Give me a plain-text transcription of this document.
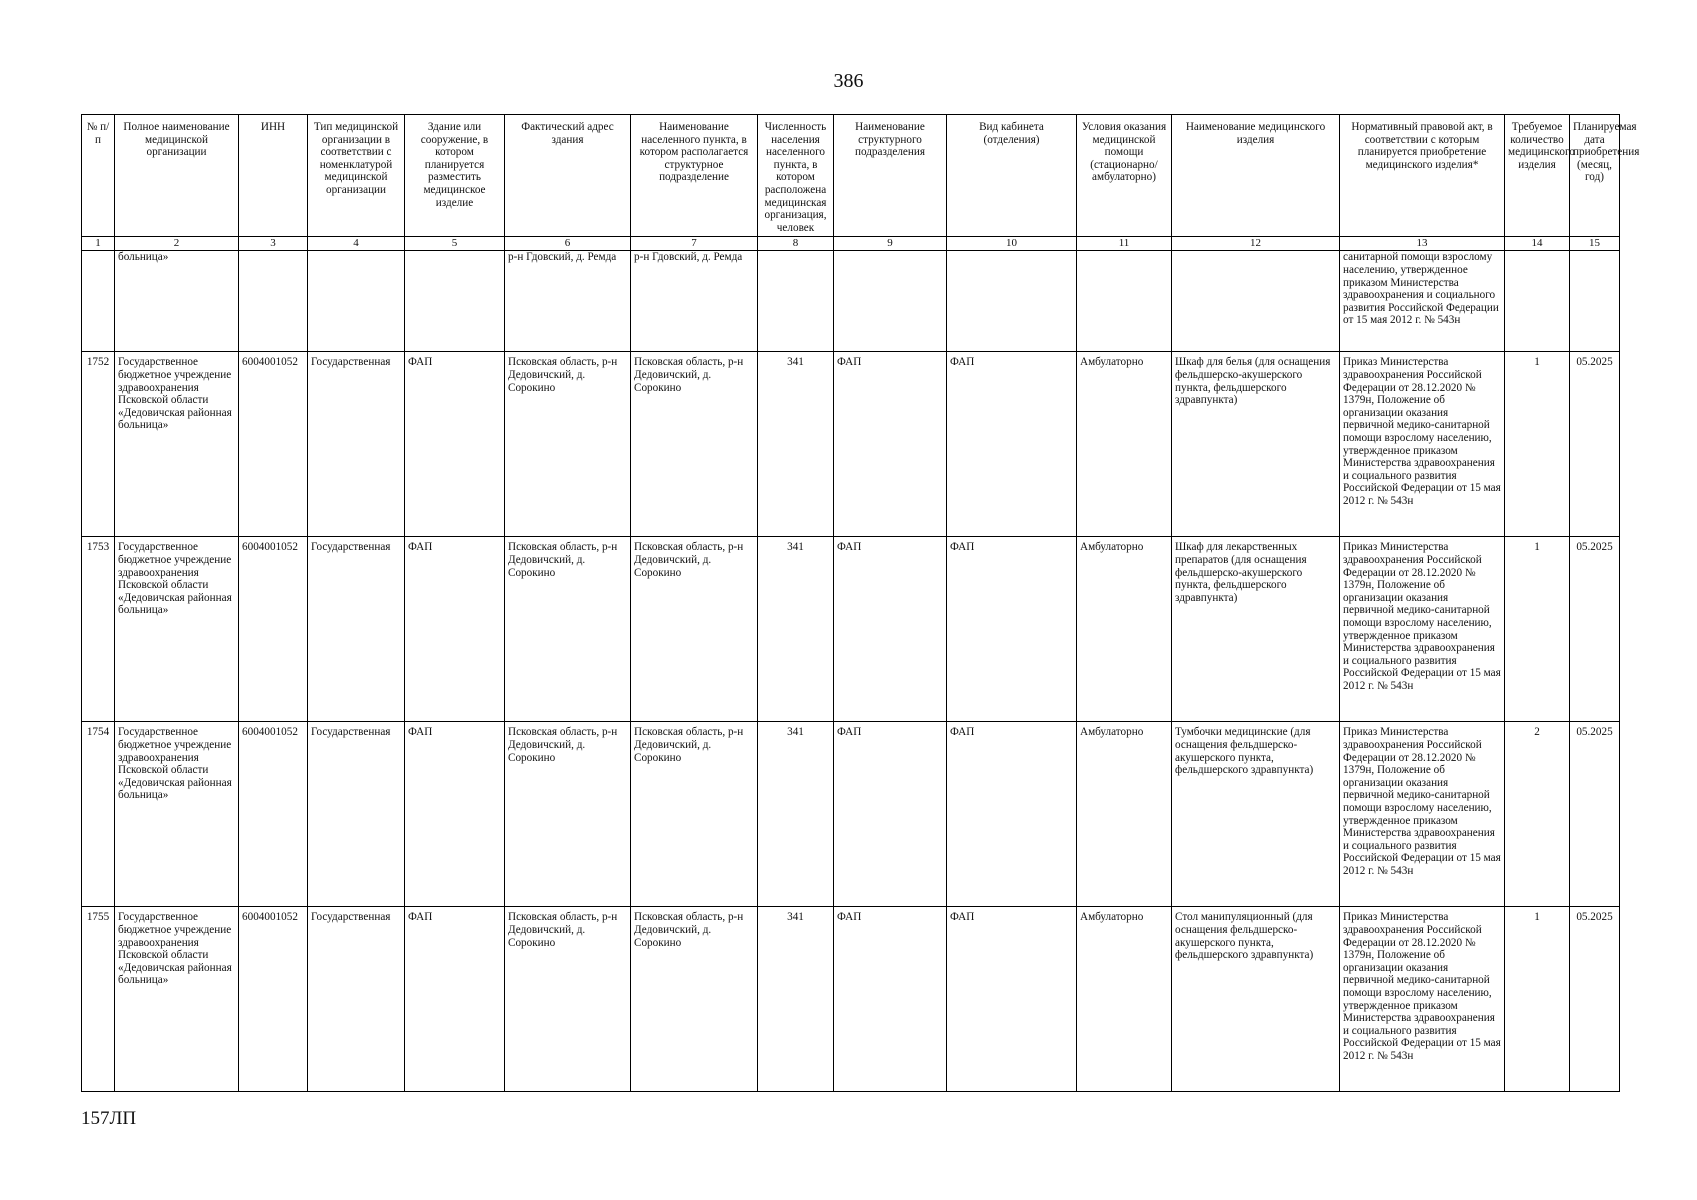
386
№ п/п	Полное наименование медицинской организации	ИНН	Тип медицинской организации в соответствии с номенклатурой медицинской организации	Здание или сооружение, в котором планируется разместить медицинское изделие	Фактический адрес здания	Наименование населенного пункта, в котором располагается структурное подразделение	Численность населения населенного пункта, в котором расположена медицинская организация, человек	Наименование структурного подразделения	Вид кабинета (отделения)	Условия оказания медицинской помощи (стационарно/ амбулаторно)	Наименование медицинского изделия	Нормативный правовой акт, в соответствии с которым планируется приобретение медицинского изделия*	Требуемое количество медицинского изделия	Планируемая дата приобретения (месяц, год)
1	2	3	4	5	6	7	8	9	10	11	12	13	14	15
	больница»				р-н Гдовский, д. Ремда	р-н Гдовский, д. Ремда						санитарной помощи взрослому населению, утвержденное приказом Министерства здравоохранения и социального развития Российской Федерации от 15 мая 2012 г. № 543н		
1752	Государственное бюджетное учреждение здравоохранения Псковской области «Дедовичская районная больница»	6004001052	Государственная	ФАП	Псковская область, р-н Дедовичский, д. Сорокино	Псковская область, р-н Дедовичский, д. Сорокино	341	ФАП	ФАП	Амбулаторно	Шкаф для белья (для оснащения фельдшерско-акушерского пункта, фельдшерского здравпункта)	Приказ Министерства здравоохранения Российской Федерации от 28.12.2020 № 1379н, Положение об организации оказания первичной медико-санитарной помощи взрослому населению, утвержденное приказом Министерства здравоохранения и социального развития Российской Федерации от 15 мая 2012 г. № 543н	1	05.2025
1753	Государственное бюджетное учреждение здравоохранения Псковской области «Дедовичская районная больница»	6004001052	Государственная	ФАП	Псковская область, р-н Дедовичский, д. Сорокино	Псковская область, р-н Дедовичский, д. Сорокино	341	ФАП	ФАП	Амбулаторно	Шкаф для лекарственных препаратов (для оснащения фельдшерско-акушерского пункта, фельдшерского здравпункта)	Приказ Министерства здравоохранения Российской Федерации от 28.12.2020 № 1379н, Положение об организации оказания первичной медико-санитарной помощи взрослому населению, утвержденное приказом Министерства здравоохранения и социального развития Российской Федерации от 15 мая 2012 г. № 543н	1	05.2025
1754	Государственное бюджетное учреждение здравоохранения Псковской области «Дедовичская районная больница»	6004001052	Государственная	ФАП	Псковская область, р-н Дедовичский, д. Сорокино	Псковская область, р-н Дедовичский, д. Сорокино	341	ФАП	ФАП	Амбулаторно	Тумбочки медицинские (для оснащения фельдшерско-акушерского пункта, фельдшерского здравпункта)	Приказ Министерства здравоохранения Российской Федерации от 28.12.2020 № 1379н, Положение об организации оказания первичной медико-санитарной помощи взрослому населению, утвержденное приказом Министерства здравоохранения и социального развития Российской Федерации от 15 мая 2012 г. № 543н	2	05.2025
1755	Государственное бюджетное учреждение здравоохранения Псковской области «Дедовичская районная больница»	6004001052	Государственная	ФАП	Псковская область, р-н Дедовичский, д. Сорокино	Псковская область, р-н Дедовичский, д. Сорокино	341	ФАП	ФАП	Амбулаторно	Стол манипуляционный (для оснащения фельдшерско-акушерского пункта, фельдшерского здравпункта)	Приказ Министерства здравоохранения Российской Федерации от 28.12.2020 № 1379н, Положение об организации оказания первичной медико-санитарной помощи взрослому населению, утвержденное приказом Министерства здравоохранения и социального развития Российской Федерации от 15 мая 2012 г. № 543н	1	05.2025
157ЛП
